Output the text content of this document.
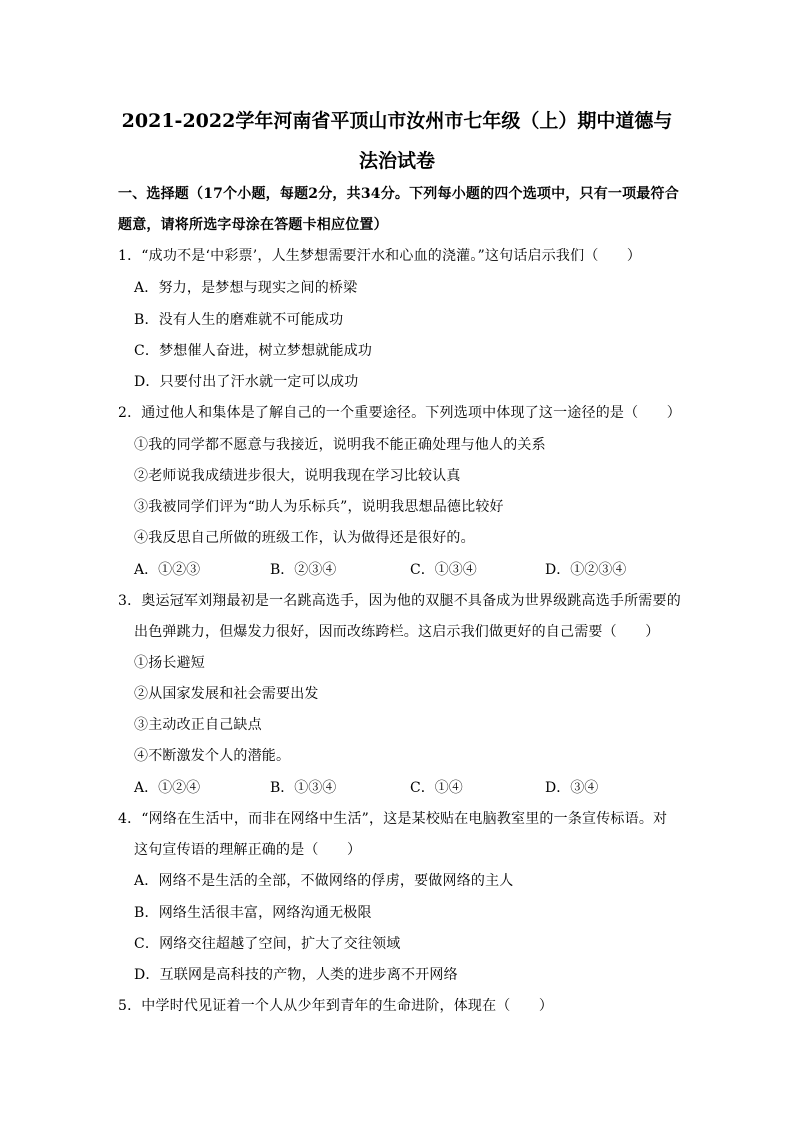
2021-2022学年河南省平顶山市汝州市七年级（上）期中道德与
法治试卷
一、选择题（17个小题，每题2分，共34分。下列每小题的四个选项中，只有一项最符合
题意，请将所选字母涂在答题卡相应位置）
1．“成功不是‘中彩票’，人生梦想需要汗水和心血的浇灌。”这句话启示我们（　　）
A．努力，是梦想与现实之间的桥梁
B．没有人生的磨难就不可能成功
C．梦想催人奋进，树立梦想就能成功
D．只要付出了汗水就一定可以成功
2．通过他人和集体是了解自己的一个重要途径。下列选项中体现了这一途径的是（　　）
①我的同学都不愿意与我接近，说明我不能正确处理与他人的关系
②老师说我成绩进步很大，说明我现在学习比较认真
③我被同学们评为“助人为乐标兵”，说明我思想品德比较好
④我反思自己所做的班级工作，认为做得还是很好的。
A．①②③	B．②③④	C．①③④	D．①②③④
3．奥运冠军刘翔最初是一名跳高选手，因为他的双腿不具备成为世界级跳高选手所需要的
出色弹跳力，但爆发力很好，因而改练跨栏。这启示我们做更好的自己需要（　　）
①扬长避短
②从国家发展和社会需要出发
③主动改正自己缺点
④不断激发个人的潜能。
A．①②④	B．①③④	C．①④	D．③④
4．“网络在生活中，而非在网络中生活”，这是某校贴在电脑教室里的一条宣传标语。对
这句宣传语的理解正确的是（　　）
A．网络不是生活的全部，不做网络的俘虏，要做网络的主人
B．网络生活很丰富，网络沟通无极限
C．网络交往超越了空间，扩大了交往领域
D．互联网是高科技的产物，人类的进步离不开网络
5．中学时代见证着一个人从少年到青年的生命进阶，体现在（　　）
